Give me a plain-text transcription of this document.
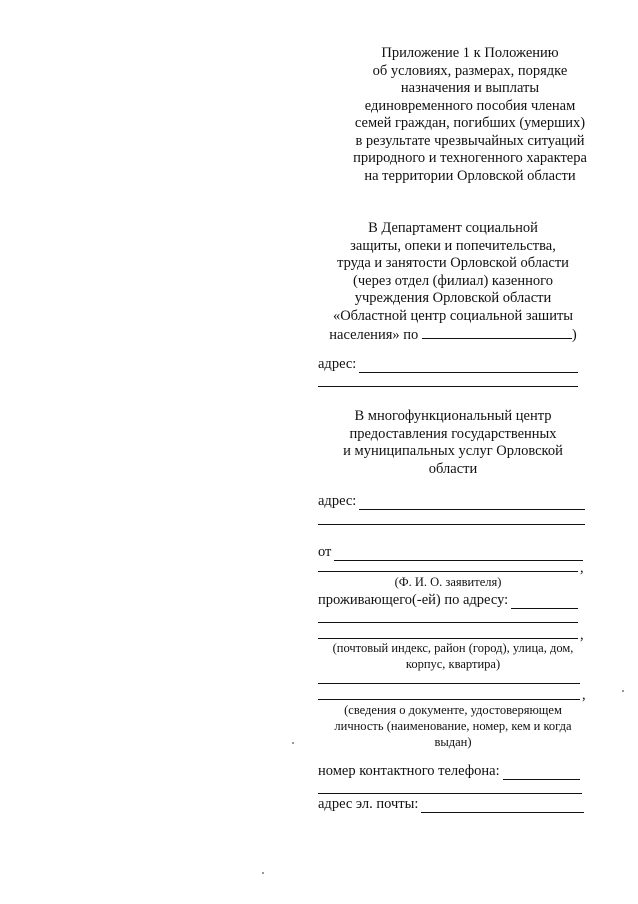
Приложение 1 к Положению
об условиях, размерах, порядке
назначения и выплаты
единовременного пособия членам
семей граждан, погибших (умерших)
в результате чрезвычайных ситуаций
природного и техногенного характера
на территории Орловской области
В Департамент социальной
защиты, опеки и попечительства,
труда и занятости Орловской области
(через отдел (филиал) казенного
учреждения Орловской области
«Областной центр социальной зашиты
населения» по	)
адрес:
В многофункциональный центр
предоставления государственных
и муниципальных услуг Орловской
области
адрес:
от
,
(Ф. И. О. заявителя)
проживающего(-ей) по адресу:
,
(почтовый индекс, район (город), улица, дом,
корпус, квартира)
,
(сведения о документе, удостоверяющем
личность (наименование, номер, кем и когда
выдан)
номер контактного телефона:
адрес эл. почты:
